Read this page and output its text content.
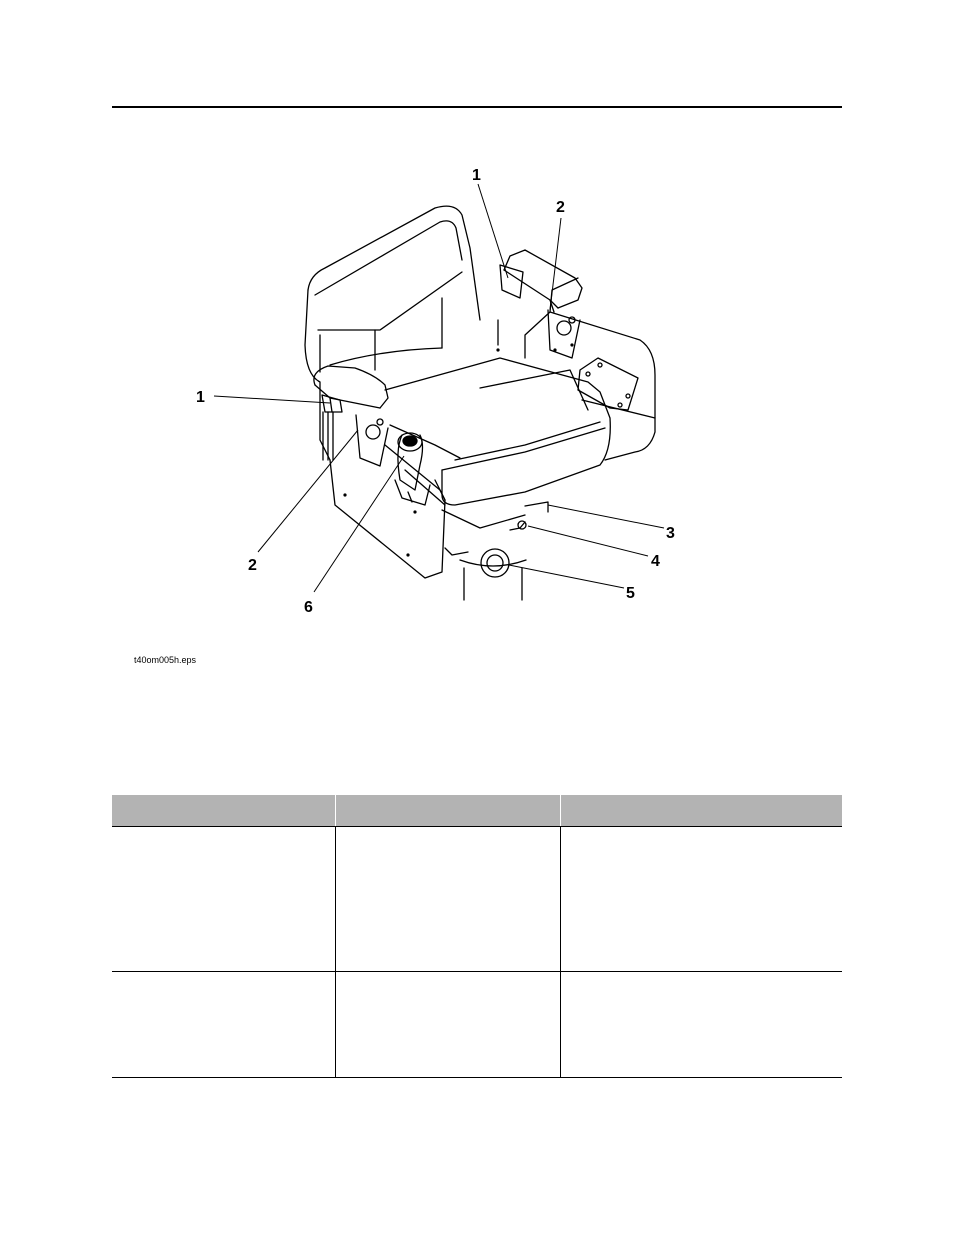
1
2
1
2
3
4
5
6
t40om005h.eps
